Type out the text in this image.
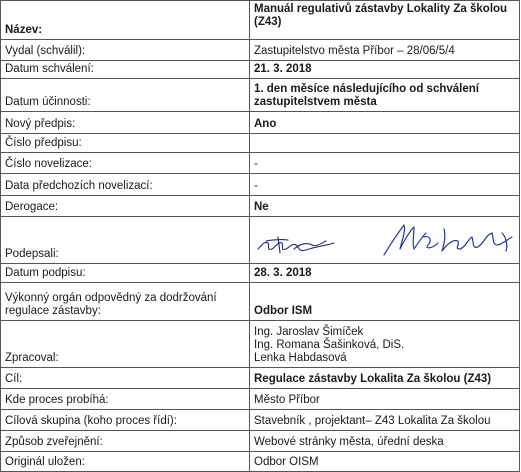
Název:	Manuál regulativů zástavby Lokality Za školou (Z43)
Vydal (schválil):	Zastupitelstvo města Příbor – 28/06/5/4
Datum schválení:	21. 3. 2018
Datum účinnosti:	1. den měsíce následujícího od schválení zastupitelstvem města
Nový předpis:	Ano
Číslo předpisu:	
Číslo novelizace:	-
Data předchozích novelizací:	-
Derogace:	Ne
Podepsali:	

Datum podpisu:	28. 3. 2018
Výkonný orgán odpovědný za dodržování regulace zástavby:	Odbor ISM
Zpracoval:	Ing. Jaroslav Šimíček
Ing. Romana Šašinková, DiS.
Lenka Habdasová
Cíl:	Regulace zástavby Lokalita Za školou (Z43)
Kde proces probíhá:	Město Příbor
Cílová skupina (koho proces řídí):	Stavebník , projektant– Z43 Lokalita Za školou
Způsob zveřejnění:	Webové stránky města, úřední deska
Originál uložen:	Odbor OISM
